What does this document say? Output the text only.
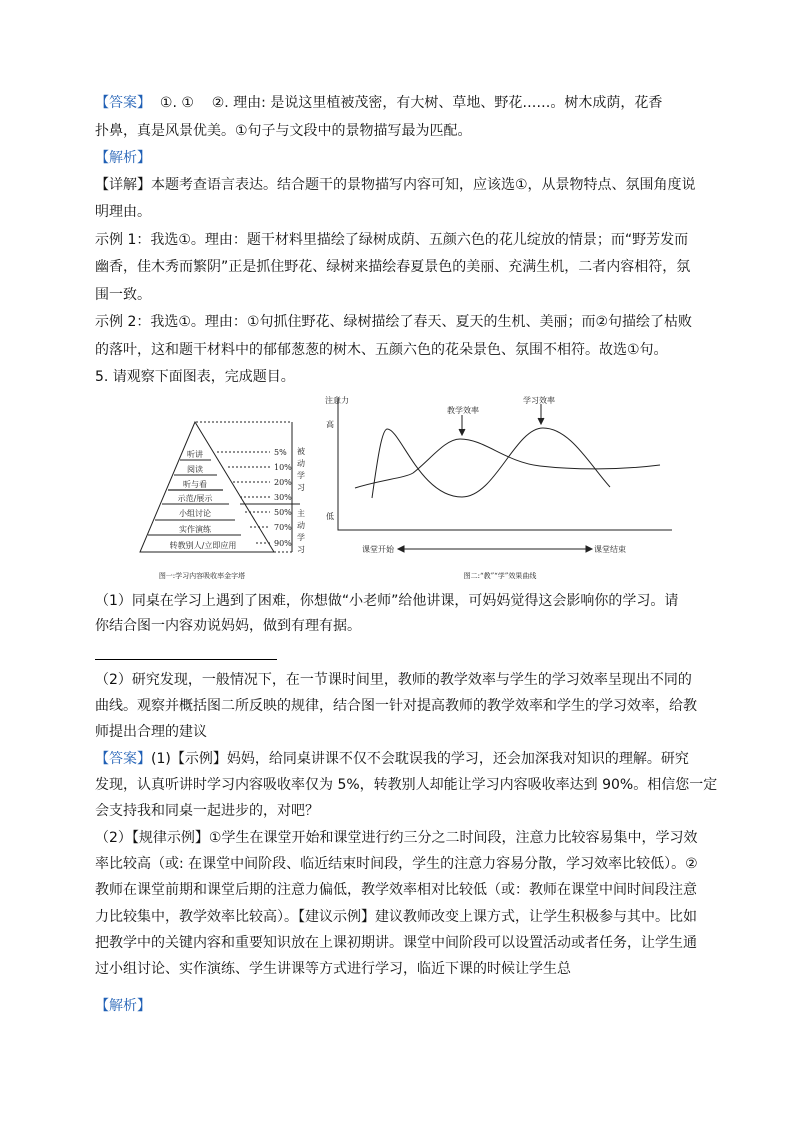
【答案】  ①. ①    ②. 理由: 是说这里植被茂密，有大树、草地、野花……。树木成荫，花香
扑鼻，真是风景优美。①句子与文段中的景物描写最为匹配。
【解析】
【详解】本题考查语言表达。结合题干的景物描写内容可知，应该选①，从景物特点、氛围角度说
明理由。
示例 1：我选①。理由：题干材料里描绘了绿树成荫、五颜六色的花儿绽放的情景；而“野芳发而
幽香，佳木秀而繁阴”正是抓住野花、绿树来描绘春夏景色的美丽、充满生机，二者内容相符，氛
围一致。
示例 2：我选①。理由：①句抓住野花、绿树描绘了春天、夏天的生机、美丽；而②句描绘了枯败
的落叶，这和题干材料中的郁郁葱葱的树木、五颜六色的花朵景色、氛围不相符。故选①句。
5. 请观察下面图表，完成题目。
听讲
阅读
听与看
示范/展示
小组讨论
实作演练
转教别人/立即应用
5%
10%
20%
30%
50%
70%
90%
被
动
学
习
主
动
学
习
图一:学习内容吸收率金字塔
注意力
高
低
教学效率
学习效率
课堂开始	课堂结束
图二:“教”“学”效果曲线
（1）同桌在学习上遇到了困难，你想做“小老师”给他讲课，可妈妈觉得这会影响你的学习。请
你结合图一内容劝说妈妈，做到有理有据。
（2）研究发现，一般情况下，在一节课时间里，教师的教学效率与学生的学习效率呈现出不同的
曲线。观察并概括图二所反映的规律，结合图一针对提高教师的教学效率和学生的学习效率，给教
师提出合理的建议
【答案】(1)【示例】妈妈，给同桌讲课不仅不会耽误我的学习，还会加深我对知识的理解。研究
发现，认真听讲时学习内容吸收率仅为 5%，转教别人却能让学习内容吸收率达到 90%。相信您一定
会支持我和同桌一起进步的，对吧？
（2）【规律示例】①学生在课堂开始和课堂进行约三分之二时间段，注意力比较容易集中，学习效
率比较高（或: 在课堂中间阶段、临近结束时间段，学生的注意力容易分散，学习效率比较低）。②
教师在课堂前期和课堂后期的注意力偏低，教学效率相对比较低（或：教师在课堂中间时间段注意
力比较集中，教学效率比较高）。【建议示例】建议教师改变上课方式，让学生积极参与其中。比如
把教学中的关键内容和重要知识放在上课初期讲。课堂中间阶段可以设置活动或者任务，让学生通
过小组讨论、实作演练、学生讲课等方式进行学习，临近下课的时候让学生总
【解析】
